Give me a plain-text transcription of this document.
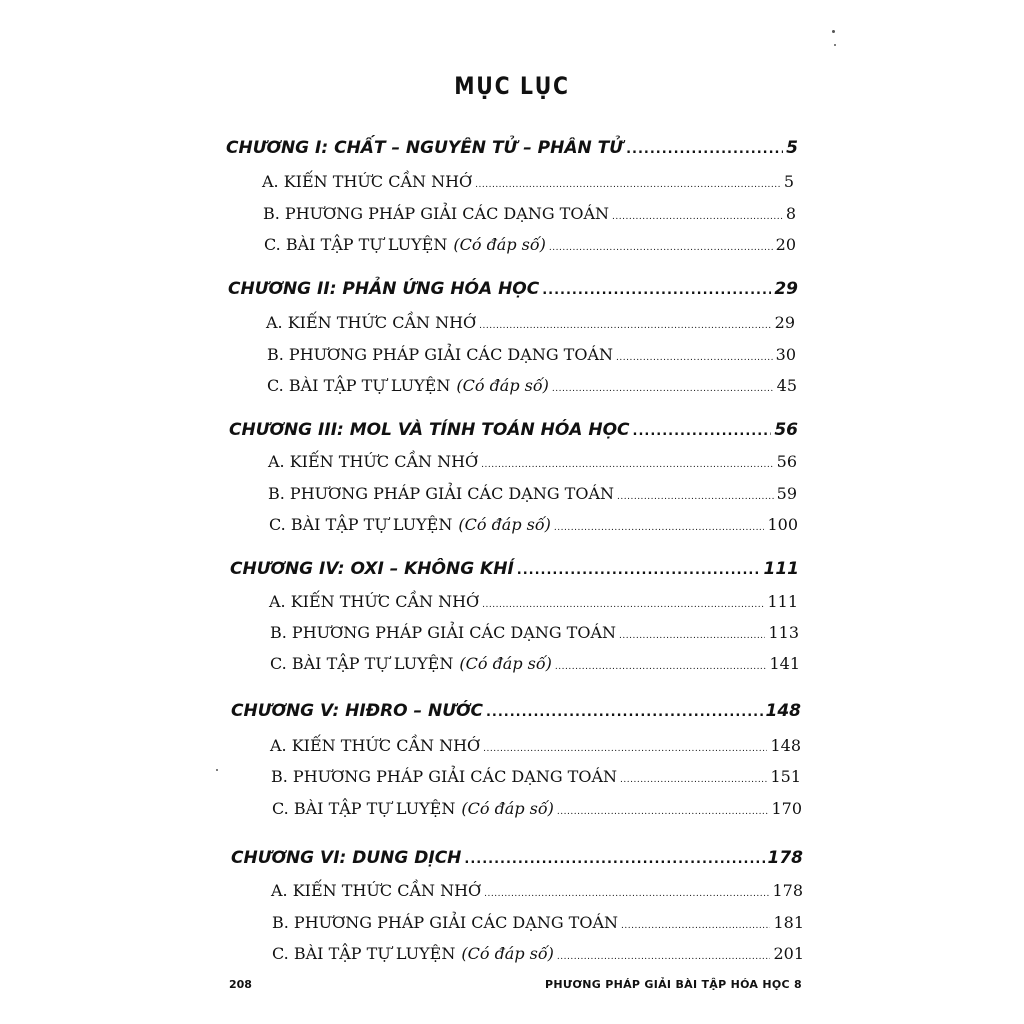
MỤC LỤC
CHƯƠNG I: CHẤT – NGUYÊN TỬ – PHÂN TỬ .....	5
A. KIẾN THỨC CẦN NHỚ .....	5
B. PHƯƠNG PHÁP GIẢI CÁC DẠNG TOÁN .....	8
C. BÀI TẬP TỰ LUYỆN (Có đáp số) .....	20
CHƯƠNG II: PHẢN ỨNG HÓA HỌC .....	29
A. KIẾN THỨC CẦN NHỚ .....	29
B. PHƯƠNG PHÁP GIẢI CÁC DẠNG TOÁN .....	30
C. BÀI TẬP TỰ LUYỆN (Có đáp số) .....	45
CHƯƠNG III: MOL VÀ TÍNH TOÁN HÓA HỌC .....	56
A. KIẾN THỨC CẦN NHỚ .....	56
B. PHƯƠNG PHÁP GIẢI CÁC DẠNG TOÁN .....	59
C. BÀI TẬP TỰ LUYỆN (Có đáp số) .....	100
CHƯƠNG IV: OXI – KHÔNG KHÍ .....	111
A. KIẾN THỨC CẦN NHỚ .....	111
B. PHƯƠNG PHÁP GIẢI CÁC DẠNG TOÁN .....	113
C. BÀI TẬP TỰ LUYỆN (Có đáp số) .....	141
CHƯƠNG V: HIĐRO – NƯỚC .....	148
A. KIẾN THỨC CẦN NHỚ .....	148
B. PHƯƠNG PHÁP GIẢI CÁC DẠNG TOÁN .....	151
C. BÀI TẬP TỰ LUYỆN (Có đáp số) .....	170
CHƯƠNG VI: DUNG DỊCH .....	178
A. KIẾN THỨC CẦN NHỚ .....	178
B. PHƯƠNG PHÁP GIẢI CÁC DẠNG TOÁN .....	181
C. BÀI TẬP TỰ LUYỆN (Có đáp số) .....	201
208	PHƯƠNG PHÁP GIẢI BÀI TẬP HÓA HỌC 8
